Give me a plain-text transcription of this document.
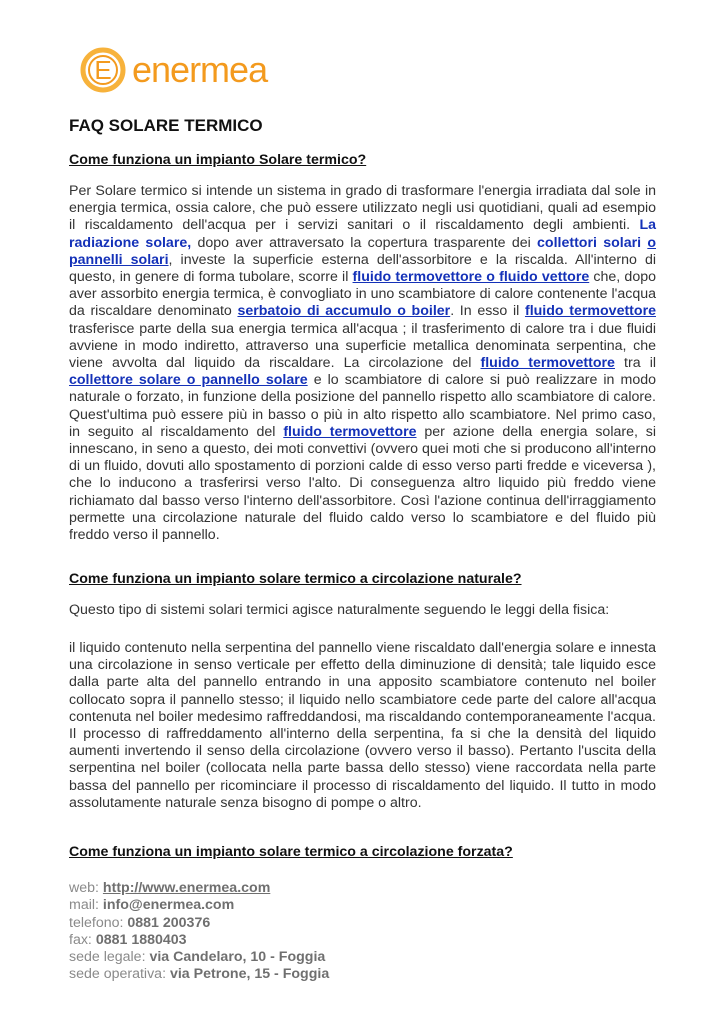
E enermea
FAQ SOLARE TERMICO

Come funziona un impianto Solare termico?

Per Solare termico si intende un sistema in grado di trasformare l'energia irradiata dal sole in energia termica, ossia calore, che può essere utilizzato negli usi quotidiani, quali ad esempio il riscaldamento dell'acqua per i servizi sanitari o il riscaldamento degli ambienti. La radiazione solare, dopo aver attraversato la copertura trasparente dei collettori solari o pannelli solari, investe la superficie esterna dell'assorbitore e la riscalda. All'interno di questo, in genere di forma tubolare, scorre il fluido termovettore o fluido vettore che, dopo aver assorbito energia termica, è convogliato in uno scambiatore di calore contenente l'acqua da riscaldare denominato serbatoio di accumulo o boiler. In esso il fluido termovettore trasferisce parte della sua energia termica all'acqua ; il trasferimento di calore tra i due fluidi avviene in modo indiretto, attraverso una superficie metallica denominata serpentina, che viene avvolta dal liquido da riscaldare. La circolazione del fluido termovettore tra il collettore solare o pannello solare e lo scambiatore di calore si può realizzare in modo naturale o forzato, in funzione della posizione del pannello rispetto allo scambiatore di calore. Quest'ultima può essere più in basso o più in alto rispetto allo scambiatore. Nel primo caso, in seguito al riscaldamento del fluido termovettore per azione della energia solare, si innescano, in seno a questo, dei moti convettivi (ovvero quei moti che si producono all'interno di un fluido, dovuti allo spostamento di porzioni calde di esso verso parti fredde e viceversa ), che lo inducono a trasferirsi verso l'alto. Di conseguenza altro liquido più freddo viene richiamato dal basso verso l'interno dell'assorbitore. Così l'azione continua dell'irraggiamento permette una circolazione naturale del fluido caldo verso lo scambiatore e del fluido più freddo verso il pannello.

Come funziona un impianto solare termico a circolazione naturale?

Questo tipo di sistemi solari termici agisce naturalmente seguendo le leggi della fisica:

il liquido contenuto nella serpentina del pannello viene riscaldato dall'energia solare e innesta una circolazione in senso verticale per effetto della diminuzione di densità; tale liquido esce dalla parte alta del pannello entrando in una apposito scambiatore contenuto nel boiler collocato sopra il pannello stesso; il liquido nello scambiatore cede parte del calore all'acqua contenuta nel boiler medesimo raffreddandosi, ma riscaldando contemporaneamente l'acqua. Il processo di raffreddamento all'interno della serpentina, fa si che la densità del liquido aumenti invertendo il senso della circolazione (ovvero verso il basso). Pertanto l'uscita della serpentina nel boiler (collocata nella parte bassa dello stesso) viene raccordata nella parte bassa del pannello per ricominciare il processo di riscaldamento del liquido. Il tutto in modo assolutamente naturale senza bisogno di pompe o altro.

Come funziona un impianto solare termico a circolazione forzata?

web: http://www.enermea.com
mail: info@enermea.com
telefono: 0881 200376
fax: 0881 1880403
sede legale: via Candelaro, 10 - Foggia
sede operativa: via Petrone, 15 - Foggia
